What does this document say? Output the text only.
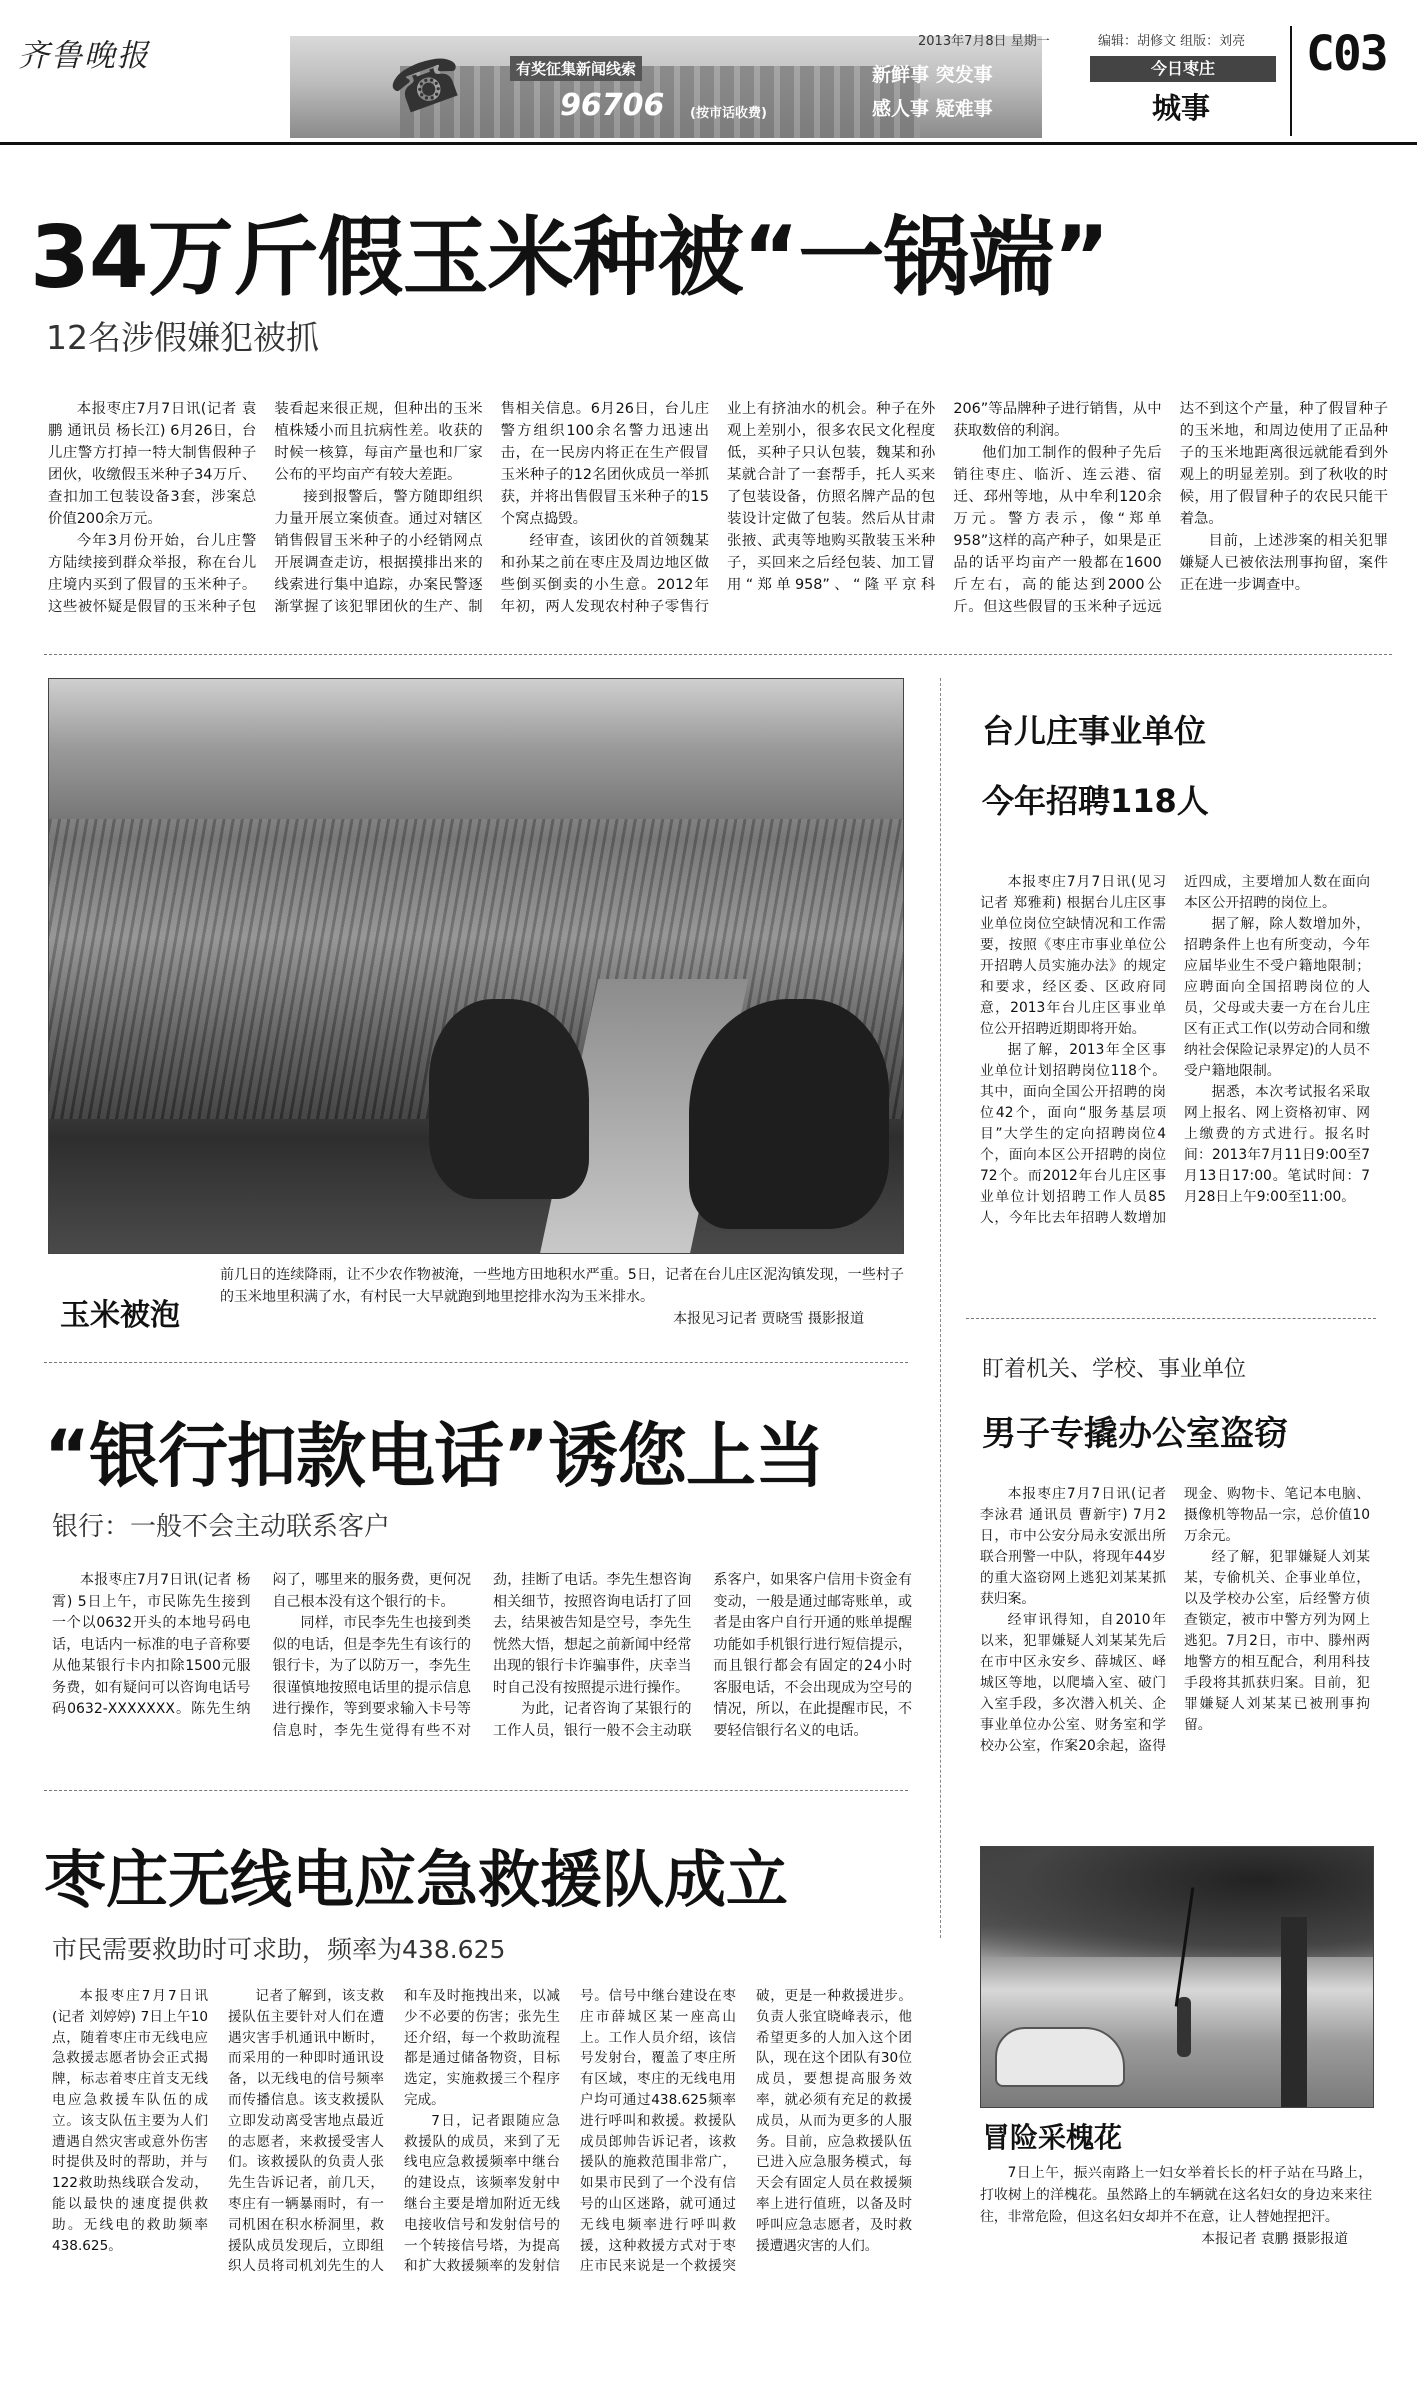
齐鲁晚报	☎	有奖征集新闻线索
96706 (按市话收费)
新鲜事 突发事
感人事 疑难事
2013年7月8日 星期一	编辑：胡修文 组版：刘亮
今日枣庄
城事
C03
34万斤假玉米种被“一锅端”
12名涉假嫌犯被抓

本报枣庄7月7日讯(记者 袁鹏 通讯员 杨长江) 6月26日，台儿庄警方打掉一特大制售假种子团伙，收缴假玉米种子34万斤、查扣加工包装设备3套，涉案总价值200余万元。

今年3月份开始，台儿庄警方陆续接到群众举报，称在台儿庄境内买到了假冒的玉米种子。这些被怀疑是假冒的玉米种子包装看起来很正规，但种出的玉米植株矮小而且抗病性差。收获的时候一核算，每亩产量也和厂家公布的平均亩产有较大差距。

接到报警后，警方随即组织力量开展立案侦查。通过对辖区销售假冒玉米种子的小经销网点开展调查走访，根据摸排出来的线索进行集中追踪，办案民警逐渐掌握了该犯罪团伙的生产、制售相关信息。6月26日，台儿庄警方组织100余名警力迅速出击，在一民房内将正在生产假冒玉米种子的12名团伙成员一举抓获，并将出售假冒玉米种子的15个窝点捣毁。

经审查，该团伙的首领魏某和孙某之前在枣庄及周边地区做些倒买倒卖的小生意。2012年年初，两人发现农村种子零售行业上有挤油水的机会。种子在外观上差别小，很多农民文化程度低，买种子只认包装，魏某和孙某就合計了一套帮手，托人买来了包装设备，仿照名牌产品的包装设计定做了包装。然后从甘肃张掖、武夷等地购买散装玉米种子，买回来之后经包装、加工冒用“郑单958”、“隆平京科206”等品牌种子进行销售，从中获取数倍的利润。

他们加工制作的假种子先后销往枣庄、临沂、连云港、宿迁、邳州等地，从中牟利120余万元。警方表示，像“郑单958”这样的高产种子，如果是正品的话平均亩产一般都在1600斤左右，高的能达到2000公斤。但这些假冒的玉米种子远远达不到这个产量，种了假冒种子的玉米地，和周边使用了正品种子的玉米地距离很远就能看到外观上的明显差别。到了秋收的时候，用了假冒种子的农民只能干着急。

目前，上述涉案的相关犯罪嫌疑人已被依法刑事拘留，案件正在进一步调查中。

玉米被泡
前几日的连续降雨，让不少农作物被淹，一些地方田地积水严重。5日，记者在台儿庄区泥沟镇发现，一些村子的玉米地里积满了水，有村民一大早就跑到地里挖排水沟为玉米排水。
本报见习记者 贾晓雪 摄影报道
台儿庄事业单位
今年招聘118人

本报枣庄7月7日讯(见习记者 郑雅莉) 根据台儿庄区事业单位岗位空缺情况和工作需要，按照《枣庄市事业单位公开招聘人员实施办法》的规定和要求，经区委、区政府同意，2013年台儿庄区事业单位公开招聘近期即将开始。

据了解，2013年全区事业单位计划招聘岗位118个。其中，面向全国公开招聘的岗位42个，面向“服务基层项目”大学生的定向招聘岗位4个，面向本区公开招聘的岗位72个。而2012年台儿庄区事业单位计划招聘工作人员85人，今年比去年招聘人数增加近四成，主要增加人数在面向本区公开招聘的岗位上。

据了解，除人数增加外，招聘条件上也有所变动，今年应届毕业生不受户籍地限制；应聘面向全国招聘岗位的人员，父母或夫妻一方在台儿庄区有正式工作(以劳动合同和缴纳社会保险记录界定)的人员不受户籍地限制。

据悉，本次考试报名采取网上报名、网上资格初审、网上缴费的方式进行。报名时间：2013年7月11日9:00至7月13日17:00。笔试时间：7月28日上午9:00至11:00。

盯着机关、学校、事业单位
男子专撬办公室盗窃

本报枣庄7月7日讯(记者 李泳君 通讯员 曹新宇) 7月2日，市中公安分局永安派出所联合刑警一中队，将现年44岁的重大盗窃网上逃犯刘某某抓获归案。

经审讯得知，自2010年以来，犯罪嫌疑人刘某某先后在市中区永安乡、薛城区、峄城区等地，以爬墙入室、破门入室手段，多次潜入机关、企事业单位办公室、财务室和学校办公室，作案20余起，盗得现金、购物卡、笔记本电脑、摄像机等物品一宗，总价值10万余元。

经了解，犯罪嫌疑人刘某某，专偷机关、企事业单位，以及学校办公室，后经警方侦查锁定，被市中警方列为网上逃犯。7月2日，市中、滕州两地警方的相互配合，利用科技手段将其抓获归案。目前，犯罪嫌疑人刘某某已被刑事拘留。

“银行扣款电话”诱您上当
银行：一般不会主动联系客户

本报枣庄7月7日讯(记者 杨霄) 5日上午，市民陈先生接到一个以0632开头的本地号码电话，电话内一标准的电子音称要从他某银行卡内扣除1500元服务费，如有疑问可以咨询电话号码0632-XXXXXXX。陈先生纳闷了，哪里来的服务费，更何况自己根本没有这个银行的卡。

同样，市民李先生也接到类似的电话，但是李先生有该行的银行卡，为了以防万一，李先生很谨慎地按照电话里的提示信息进行操作，等到要求输入卡号等信息时，李先生觉得有些不对劲，挂断了电话。李先生想咨询相关细节，按照咨询电话打了回去，结果被告知是空号，李先生恍然大悟，想起之前新闻中经常出现的银行卡诈骗事件，庆幸当时自己没有按照提示进行操作。

为此，记者咨询了某银行的工作人员，银行一般不会主动联系客户，如果客户信用卡资金有变动，一般是通过邮寄账单，或者是由客户自行开通的账单提醒功能如手机银行进行短信提示，而且银行都会有固定的24小时客服电话，不会出现成为空号的情况，所以，在此提醒市民，不要轻信银行名义的电话。

枣庄无线电应急救援队成立
市民需要救助时可求助，频率为438.625

本报枣庄7月7日讯(记者 刘婷婷) 7日上午10点，随着枣庄市无线电应急救援志愿者协会正式揭牌，标志着枣庄首支无线电应急救援车队伍的成立。该支队伍主要为人们遭遇自然灾害或意外伤害时提供及时的帮助，并与122救助热线联合发动，能以最快的速度提供救助。无线电的救助频率438.625。

记者了解到，该支救援队伍主要针对人们在遭遇灾害手机通讯中断时，而采用的一种即时通讯设备，以无线电的信号频率而传播信息。该支救援队立即发动离受害地点最近的志愿者，来救援受害人们。该救援队的负责人张先生告诉记者，前几天，枣庄有一辆暴雨时，有一司机困在积水桥洞里，救援队成员发现后，立即组织人员将司机刘先生的人和车及时拖拽出来，以减少不必要的伤害；张先生还介绍，每一个救助流程都是通过储备物资，目标选定，实施救援三个程序完成。

7日，记者跟随应急救援队的成员，来到了无线电应急救援频率中继台的建设点，该频率发射中继台主要是增加附近无线电接收信号和发射信号的一个转接信号塔，为提高和扩大救援频率的发射信号。信号中继台建设在枣庄市薛城区某一座高山上。工作人员介绍，该信号发射台，覆盖了枣庄所有区域，枣庄的无线电用户均可通过438.625频率进行呼叫和救援。救援队成员郎帅告诉记者，该救援队的施救范围非常广，如果市民到了一个没有信号的山区迷路，就可通过无线电频率进行呼叫救援，这种救援方式对于枣庄市民来说是一个救援突破，更是一种救援进步。负责人张宜晓峰表示，他希望更多的人加入这个团队，现在这个团队有30位成员，要想提高服务效率，就必须有充足的救援成员，从而为更多的人服务。目前，应急救援队伍已进入应急服务模式，每天会有固定人员在救援频率上进行值班，以备及时呼叫应急志愿者，及时救援遭遇灾害的人们。

冒险采槐花

7日上午，振兴南路上一妇女举着长长的杆子站在马路上，打收树上的洋槐花。虽然路上的车辆就在这名妇女的身边来来往往，非常危险，但这名妇女却并不在意，让人替她捏把汗。

本报记者 袁鹏 摄影报道
